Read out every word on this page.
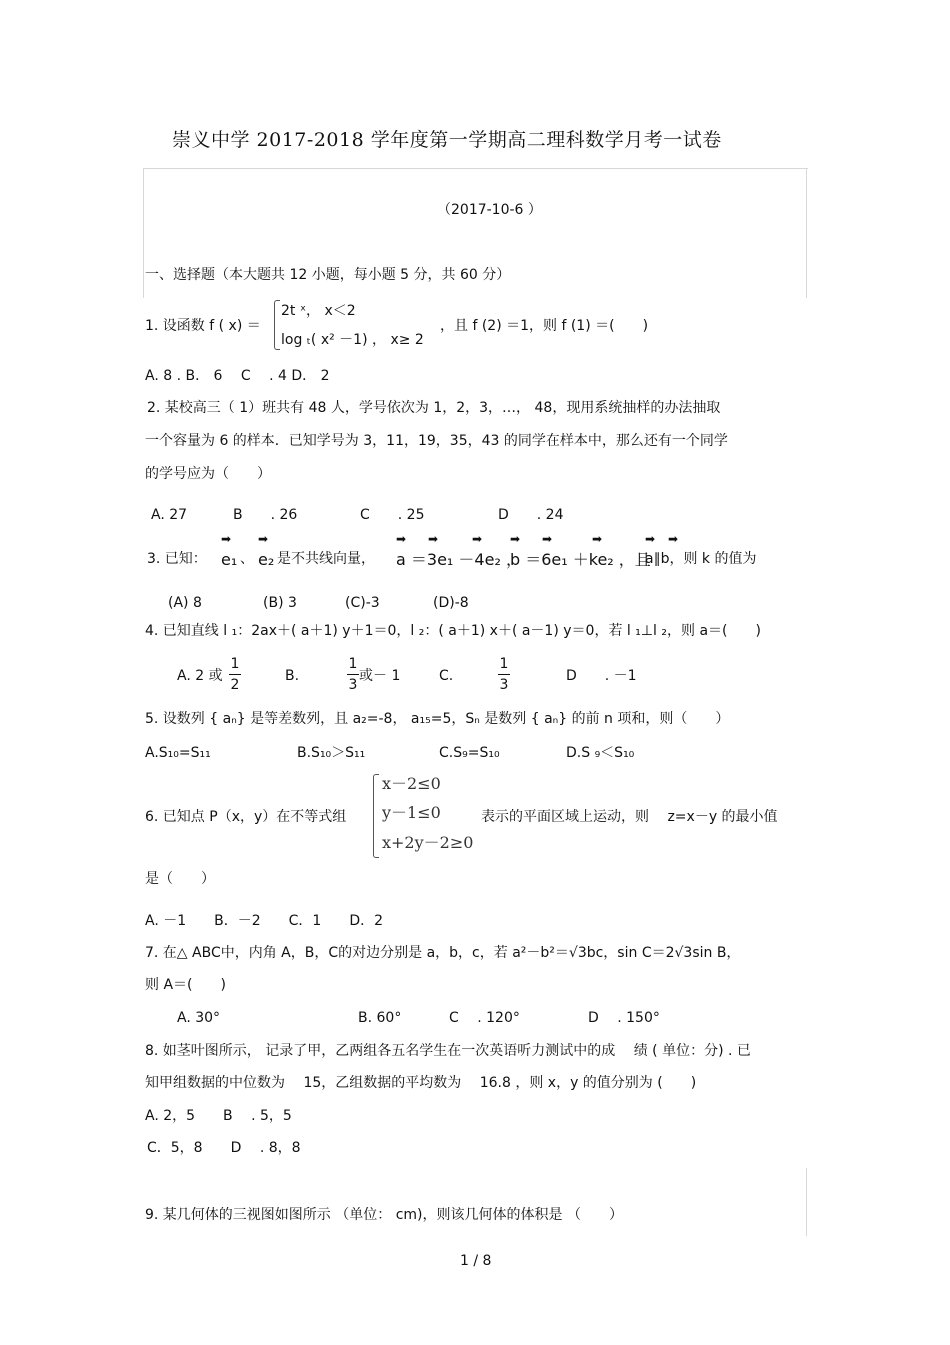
崇义中学 2017-2018 学年度第一学期高二理科数学月考一试卷
（2017-10-6 ）
一、选择题（本大题共 12 小题，每小题 5 分，共 60 分）
1. 设函数 f ( x) ＝
2t ˣ， x＜2
log ₜ( x² －1) ， x≥ 2
，且 f (2) ＝1，则 f (1) ＝(　　)
A. 8 . B． 6　 C　 . 4 D． 2
2. 某校高三（ 1）班共有 48 人，学号依次为 1，2，3，…， 48，现用系统抽样的办法抽取
一个容量为 6 的样本．已知学号为 3，11，19，35，43 的同学在样本中，那么还有一个同学
的学号应为（　　）
A. 27	B　　. 26	C　　. 25	D　　. 24
3. 已知：
➡
e₁ 、
➡
e₂ 是不共线向量，
➡ ➡	➡
a ＝3e₁ －4e₂ ，
➡ ➡	➡
b ＝6e₁ ＋ke₂ ，且
➡ ➡
a∥b，则 k 的值为
(A) 8	(B) 3	(C)-3	(D)-8
4. 已知直线 l ₁：2ax＋( a＋1) y＋1＝0，l ₂：( a＋1) x＋( a－1) y＝0，若 l ₁⊥l ₂，则 a＝(　　)
A. 2 或
1
2
B.
1
3
或－ 1	C.
1
3
D　　. －1
5. 设数列 { aₙ} 是等差数列，且 a₂=-8， a₁₅=5，Sₙ 是数列 { aₙ} 的前 n 项和，则（　　）
A.S₁₀=S₁₁	B.S₁₀＞S₁₁	C.S₉=S₁₀	D.S ₉＜S₁₀
6. 已知点 P（x，y）在不等式组
x－2≤0
y－1≤0
x+2y－2≥0
表示的平面区域上运动，则　 z=x－y 的最小值
是（　　）
A. －1　　B．－2　　C．1　　D．2
7. 在△ ABC中，内角 A，B，C的对边分别是 a，b，c，若 a²－b²＝√3bc，sin C＝2√3sin B，
则 A＝(　　)
A. 30°	B. 60°	C　 . 120°	D　 . 150°
8. 如茎叶图所示， 记录了甲，乙两组各五名学生在一次英语听力测试中的成　 绩 ( 单位：分) . 已
知甲组数据的中位数为　 15，乙组数据的平均数为　 16.8 ，则 x，y 的值分别为 (　　)
A. 2，5　　B　 . 5，5
C．5，8　　D　 . 8，8
9. 某几何体的三视图如图所示 （单位： cm)，则该几何体的体积是 （　　）
1 / 8
